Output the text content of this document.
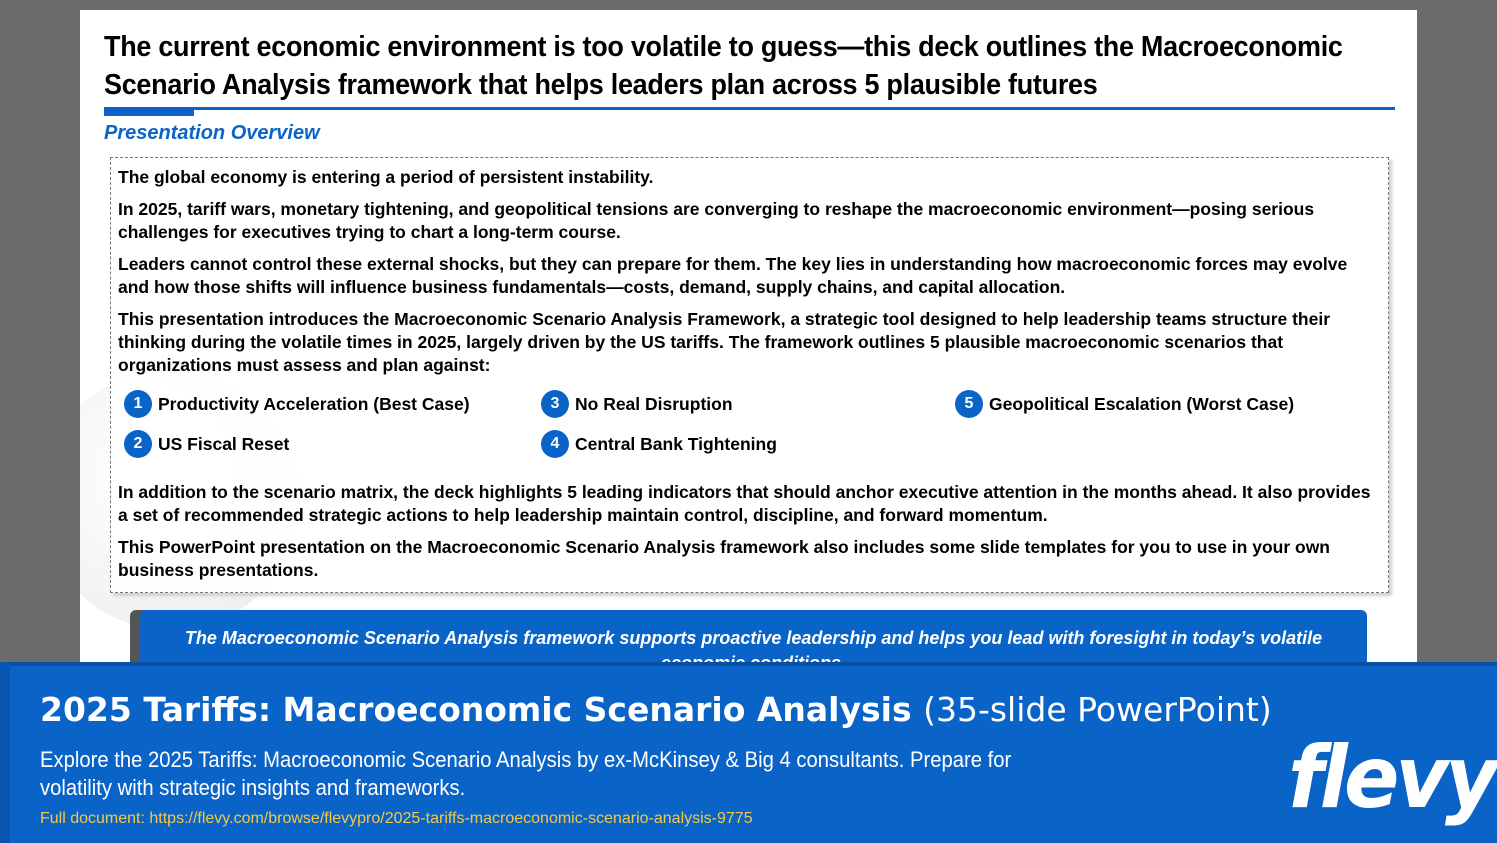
The current economic environment is too volatile to guess—this deck outlines the Macroeconomic
Scenario Analysis framework that helps leaders plan across 5 plausible futures
Presentation Overview

The global economy is entering a period of persistent instability.

In 2025, tariff wars, monetary tightening, and geopolitical tensions are converging to reshape the macroeconomic environment—posing serious challenges for executives trying to chart a long-term course.

Leaders cannot control these external shocks, but they can prepare for them. The key lies in understanding how macroeconomic forces may evolve and how those shifts will influence business fundamentals—costs, demand, supply chains, and capital allocation.

This presentation introduces the Macroeconomic Scenario Analysis Framework, a strategic tool designed to help leadership teams structure their thinking during the volatile times in 2025, largely driven by the US tariffs. The framework outlines 5 plausible macroeconomic scenarios that organizations must assess and plan against:

1 Productivity Acceleration (Best Case)
2 US Fiscal Reset
3 No Real Disruption
4 Central Bank Tightening
5 Geopolitical Escalation (Worst Case)

In addition to the scenario matrix, the deck highlights 5 leading indicators that should anchor executive attention in the months ahead. It also provides a set of recommended strategic actions to help leadership maintain control, discipline, and forward momentum.

This PowerPoint presentation on the Macroeconomic Scenario Analysis framework also includes some slide templates for you to use in your own business presentations.

The Macroeconomic Scenario Analysis framework supports proactive leadership and helps you lead with foresight in today’s volatile
2025 Tariffs: Macroeconomic Scenario Analysis (35-slide PowerPoint)

Explore the 2025 Tariffs: Macroeconomic Scenario Analysis by ex-McKinsey & Big 4 consultants. Prepare for volatility with strategic insights and frameworks.

Full document: https://flevy.com/browse/flevypro/2025-tariffs-macroeconomic-scenario-analysis-9775	flevy
